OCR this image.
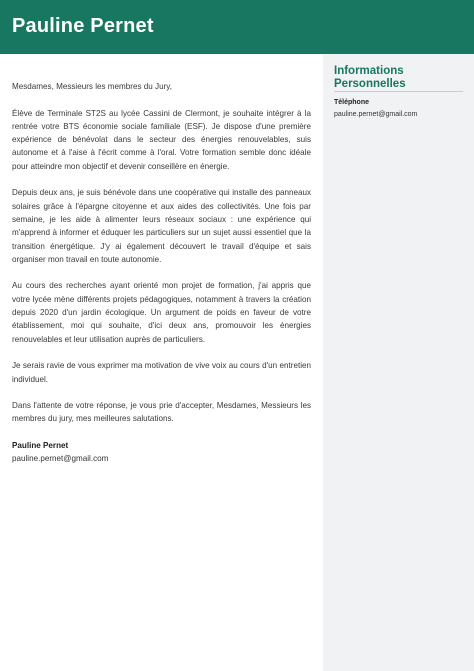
Pauline Pernet
Informations Personnelles
Téléphone
pauline.pernet@gmail.com

Mesdames, Messieurs les membres du Jury,

Élève de Terminale ST2S au lycée Cassini de Clermont, je souhaite intégrer à la rentrée votre BTS économie sociale familiale (ESF). Je dispose d'une première expérience de bénévolat dans le secteur des énergies renouvelables, suis autonome et à l'aise à l'écrit comme à l'oral. Votre formation semble donc idéale pour atteindre mon objectif et devenir conseillère en énergie.

Depuis deux ans, je suis bénévole dans une coopérative qui installe des panneaux solaires grâce à l'épargne citoyenne et aux aides des collectivités. Une fois par semaine, je les aide à alimenter leurs réseaux sociaux : une expérience qui m'apprend à informer et éduquer les particuliers sur un sujet aussi essentiel que la transition énergétique. J'y ai également découvert le travail d'équipe et sais organiser mon travail en toute autonomie.

Au cours des recherches ayant orienté mon projet de formation, j'ai appris que votre lycée mène différents projets pédagogiques, notamment à travers la création depuis 2020 d'un jardin écologique. Un argument de poids en faveur de votre établissement, moi qui souhaite, d'ici deux ans, promouvoir les énergies renouvelables et leur utilisation auprès de particuliers.

Je serais ravie de vous exprimer ma motivation de vive voix au cours d'un entretien individuel.

Dans l'attente de votre réponse, je vous prie d'accepter, Mesdames, Messieurs les membres du jury, mes meilleures salutations.

Pauline Pernet
pauline.pernet@gmail.com
